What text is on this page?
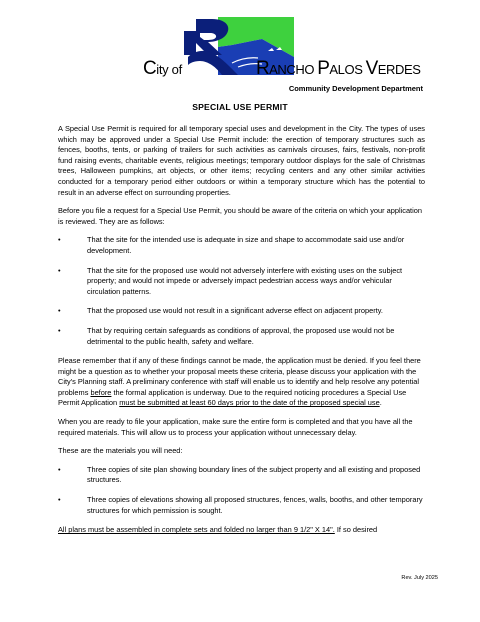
City of	RANCHO PALOS VERDES
Community Development Department
SPECIAL USE PERMIT

A Special Use Permit is required for all temporary special uses and development in the City. The types of uses which may be approved under a Special Use Permit include: the erection of temporary structures such as fences, booths, tents, or parking of trailers for such activities as carnivals circuses, fairs, festivals, non-profit fund raising events, charitable events, religious meetings; temporary outdoor displays for the sale of Christmas trees, Halloween pumpkins, art objects, or other items; recycling centers and any other similar activities conducted for a temporary period either outdoors or within a temporary structure which has the potential to result in an adverse effect on surrounding properties.

Before you file a request for a Special Use Permit, you should be aware of the criteria on which your application is reviewed. They are as follows:

•	That the site for the intended use is adequate in size and shape to accommodate said use and/or development.
•	That the site for the proposed use would not adversely interfere with existing uses on the subject property; and would not impede or adversely impact pedestrian access ways and/or vehicular circulation patterns.
•	That the proposed use would not result in a significant adverse effect on adjacent property.
•	That by requiring certain safeguards as conditions of approval, the proposed use would not be detrimental to the public health, safety and welfare.

Please remember that if any of these findings cannot be made, the application must be denied. If you feel there might be a question as to whether your proposal meets these criteria, please discuss your application with the City's Planning staff. A preliminary conference with staff will enable us to identify and help resolve any potential problems before the formal application is underway. Due to the required noticing procedures a Special Use Permit Application must be submitted at least 60 days prior to the date of the proposed special use.

When you are ready to file your application, make sure the entire form is completed and that you have all the required materials. This will allow us to process your application without unnecessary delay.

These are the materials you will need:

•	Three copies of site plan showing boundary lines of the subject property and all existing and proposed structures.
•	Three copies of elevations showing all proposed structures, fences, walls, booths, and other temporary structures for which permission is sought.

All plans must be assembled in complete sets and folded no larger than 9 1/2" X 14". If so desired

Rev. July 2025
